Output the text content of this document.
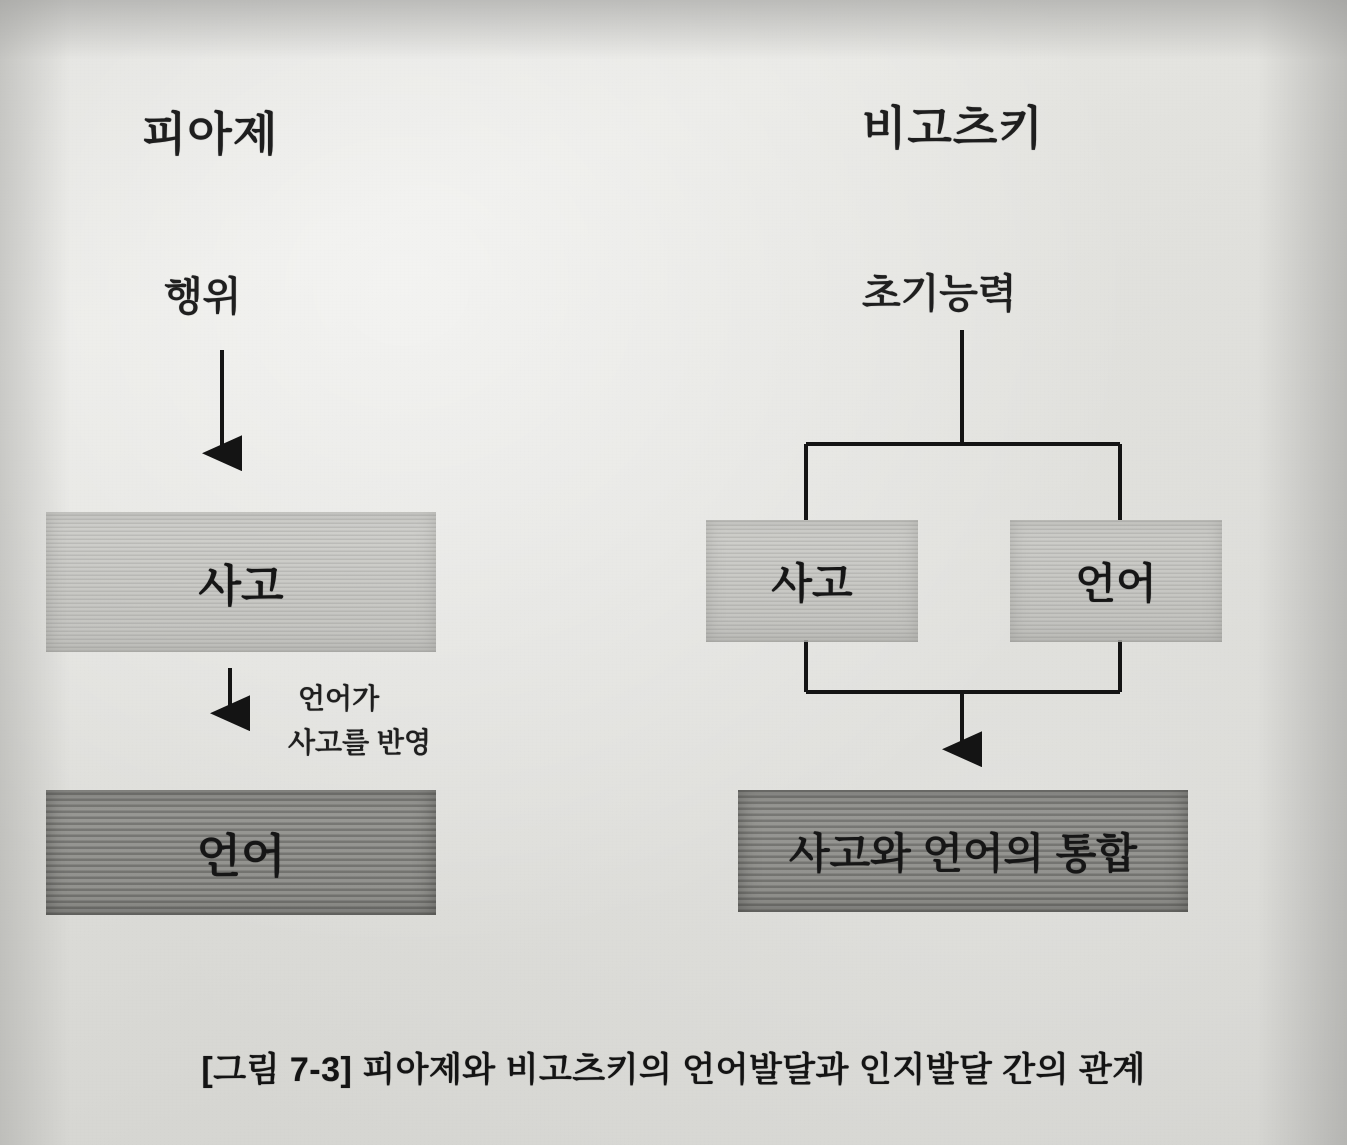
피아제
행위
사고
언어
언어가
사고를 반영
비고츠키
초기능력
사고	언어
사고와 언어의 통합
[그림 7-3] 피아제와 비고츠키의 언어발달과 인지발달 간의 관계
